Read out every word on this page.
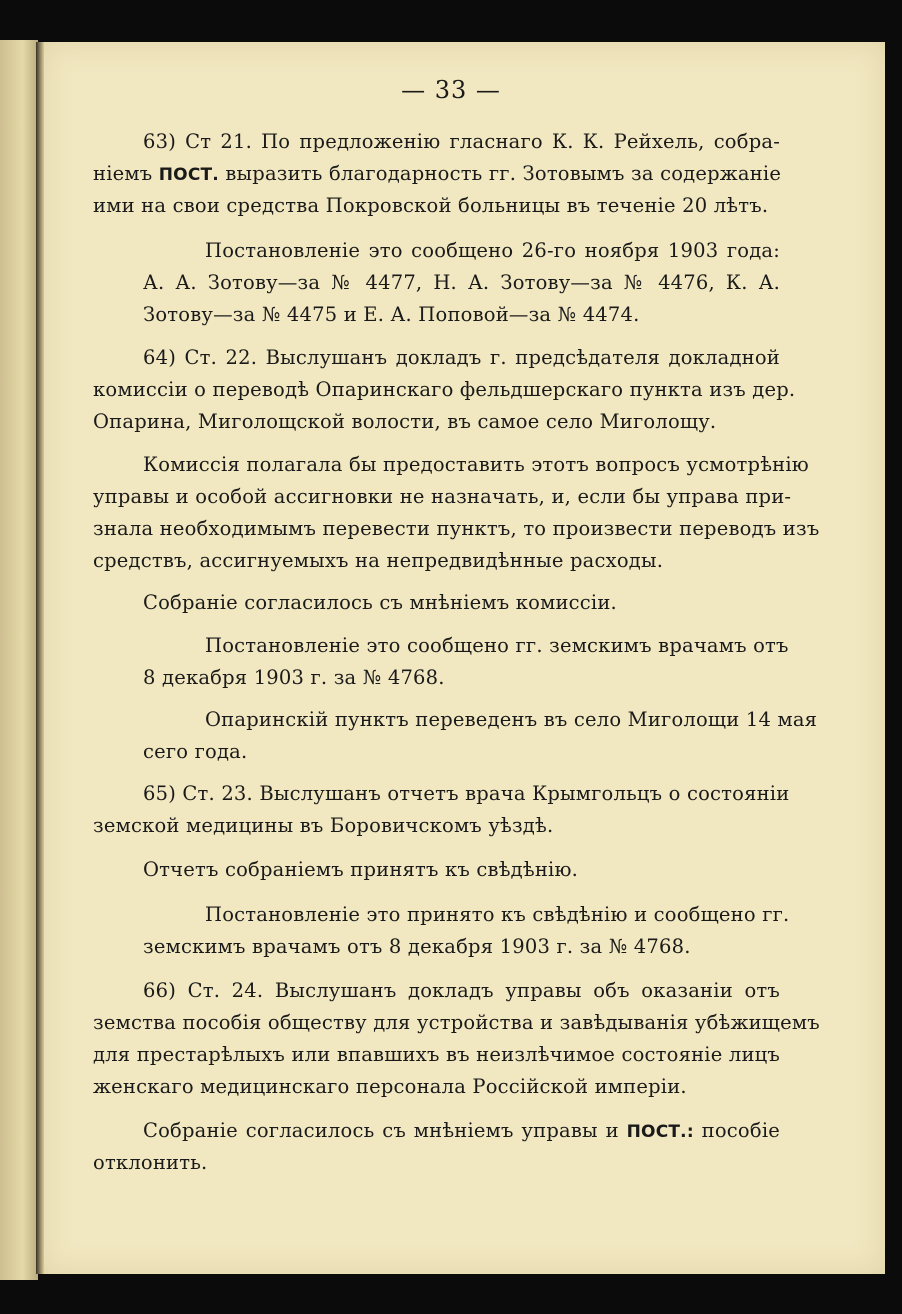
— 33 —

63) Ст 21. По предложенію гласнаго К. К. Рейхель, собра-

ніемъ ПОСТ. выразить благодарность гг. Зотовымъ за содержаніе

ими на свои средства Покровской больницы въ теченіе 20 лѣтъ.

Постановленіе это сообщено 26-го ноября 1903 года:

А. А. Зотову—за № 4477, Н. А. Зотову—за № 4476, К. А.

Зотову—за № 4475 и Е. А. Поповой—за № 4474.

64) Ст. 22. Выслушанъ докладъ г. предсѣдателя докладной

комиссіи о переводѣ Опаринскаго фельдшерскаго пункта изъ дер.

Опарина, Миголощской волости, въ самое село Миголощу.

Комиссія полагала бы предоставить этотъ вопросъ усмотрѣнію

управы и особой ассигновки не назначать, и, если бы управа при-

знала необходимымъ перевести пунктъ, то произвести переводъ изъ

средствъ, ассигнуемыхъ на непредвидѣнные расходы.

Собраніе согласилось съ мнѣніемъ комиссіи.

Постановленіе это сообщено гг. земскимъ врачамъ отъ

8 декабря 1903 г. за № 4768.

Опаринскій пунктъ переведенъ въ село Миголощи 14 мая

сего года.

65) Ст. 23. Выслушанъ отчетъ врача Крымгольцъ о состояніи

земской медицины въ Боровичскомъ уѣздѣ.

Отчетъ собраніемъ принятъ къ свѣдѣнію.

Постановленіе это принято къ свѣдѣнію и сообщено гг.

земскимъ врачамъ отъ 8 декабря 1903 г. за № 4768.

66) Ст. 24. Выслушанъ докладъ управы объ оказаніи отъ

земства пособія обществу для устройства и завѣдыванія убѣжищемъ

для престарѣлыхъ или впавшихъ въ неизлѣчимое состояніе лицъ

женскаго медицинскаго персонала Россійской имперіи.

Собраніе согласилось съ мнѣніемъ управы и ПОСТ.: пособіе

отклонить.
